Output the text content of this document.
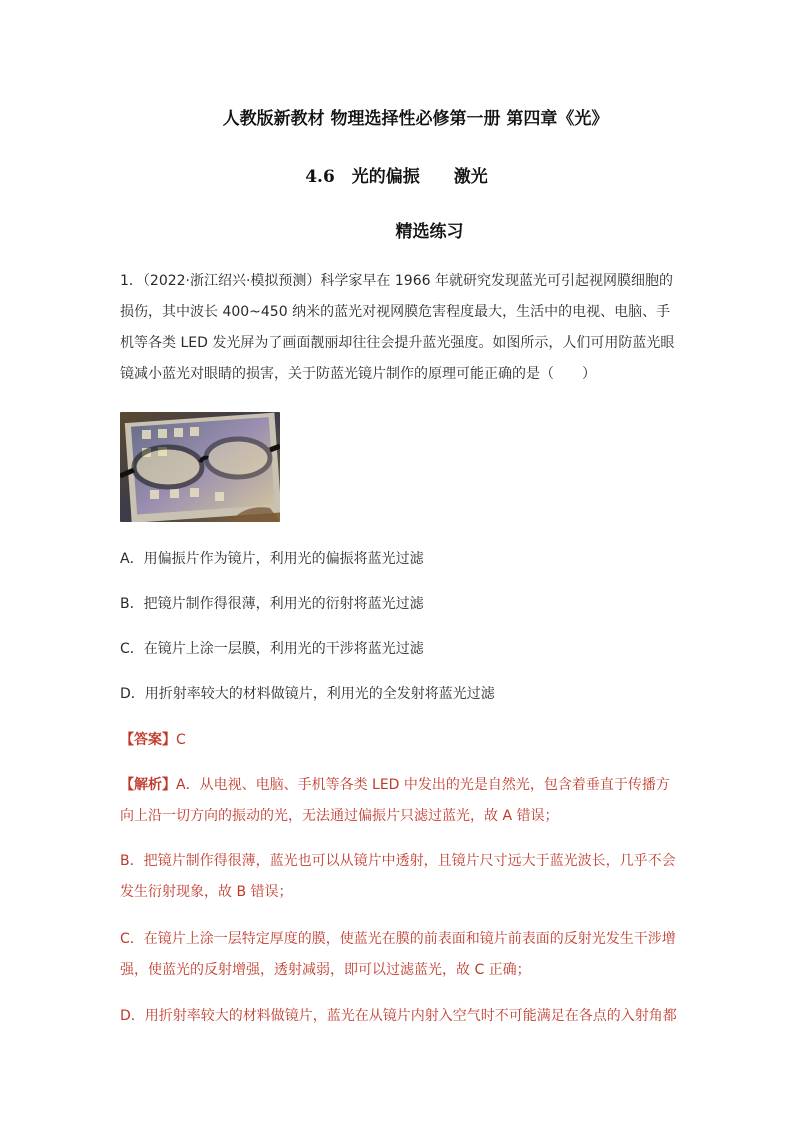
人教版新教材 物理选择性必修第一册 第四章《光》
4.6　光的偏振　　激光
精选练习
1．（2022·浙江绍兴·模拟预测）科学家早在 1966 年就研究发现蓝光可引起视网膜细胞的损伤，其中波长 400~450 纳米的蓝光对视网膜危害程度最大，生活中的电视、电脑、手机等各类 LED 发光屏为了画面靓丽却往往会提升蓝光强度。如图所示，人们可用防蓝光眼镜减小蓝光对眼睛的损害，关于防蓝光镜片制作的原理可能正确的是（　　）
A．用偏振片作为镜片，利用光的偏振将蓝光过滤
B．把镜片制作得很薄，利用光的衍射将蓝光过滤
C．在镜片上涂一层膜，利用光的干涉将蓝光过滤
D．用折射率较大的材料做镜片，利用光的全发射将蓝光过滤
【答案】C
【解析】A．从电视、电脑、手机等各类 LED 中发出的光是自然光，包含着垂直于传播方向上沿一切方向的振动的光，无法通过偏振片只滤过蓝光，故 A 错误；
B．把镜片制作得很薄，蓝光也可以从镜片中透射，且镜片尺寸远大于蓝光波长，几乎不会发生衍射现象，故 B 错误；
C．在镜片上涂一层特定厚度的膜，使蓝光在膜的前表面和镜片前表面的反射光发生干涉增强，使蓝光的反射增强，透射减弱，即可以过滤蓝光，故 C 正确；
D．用折射率较大的材料做镜片，蓝光在从镜片内射入空气时不可能满足在各点的入射角都
